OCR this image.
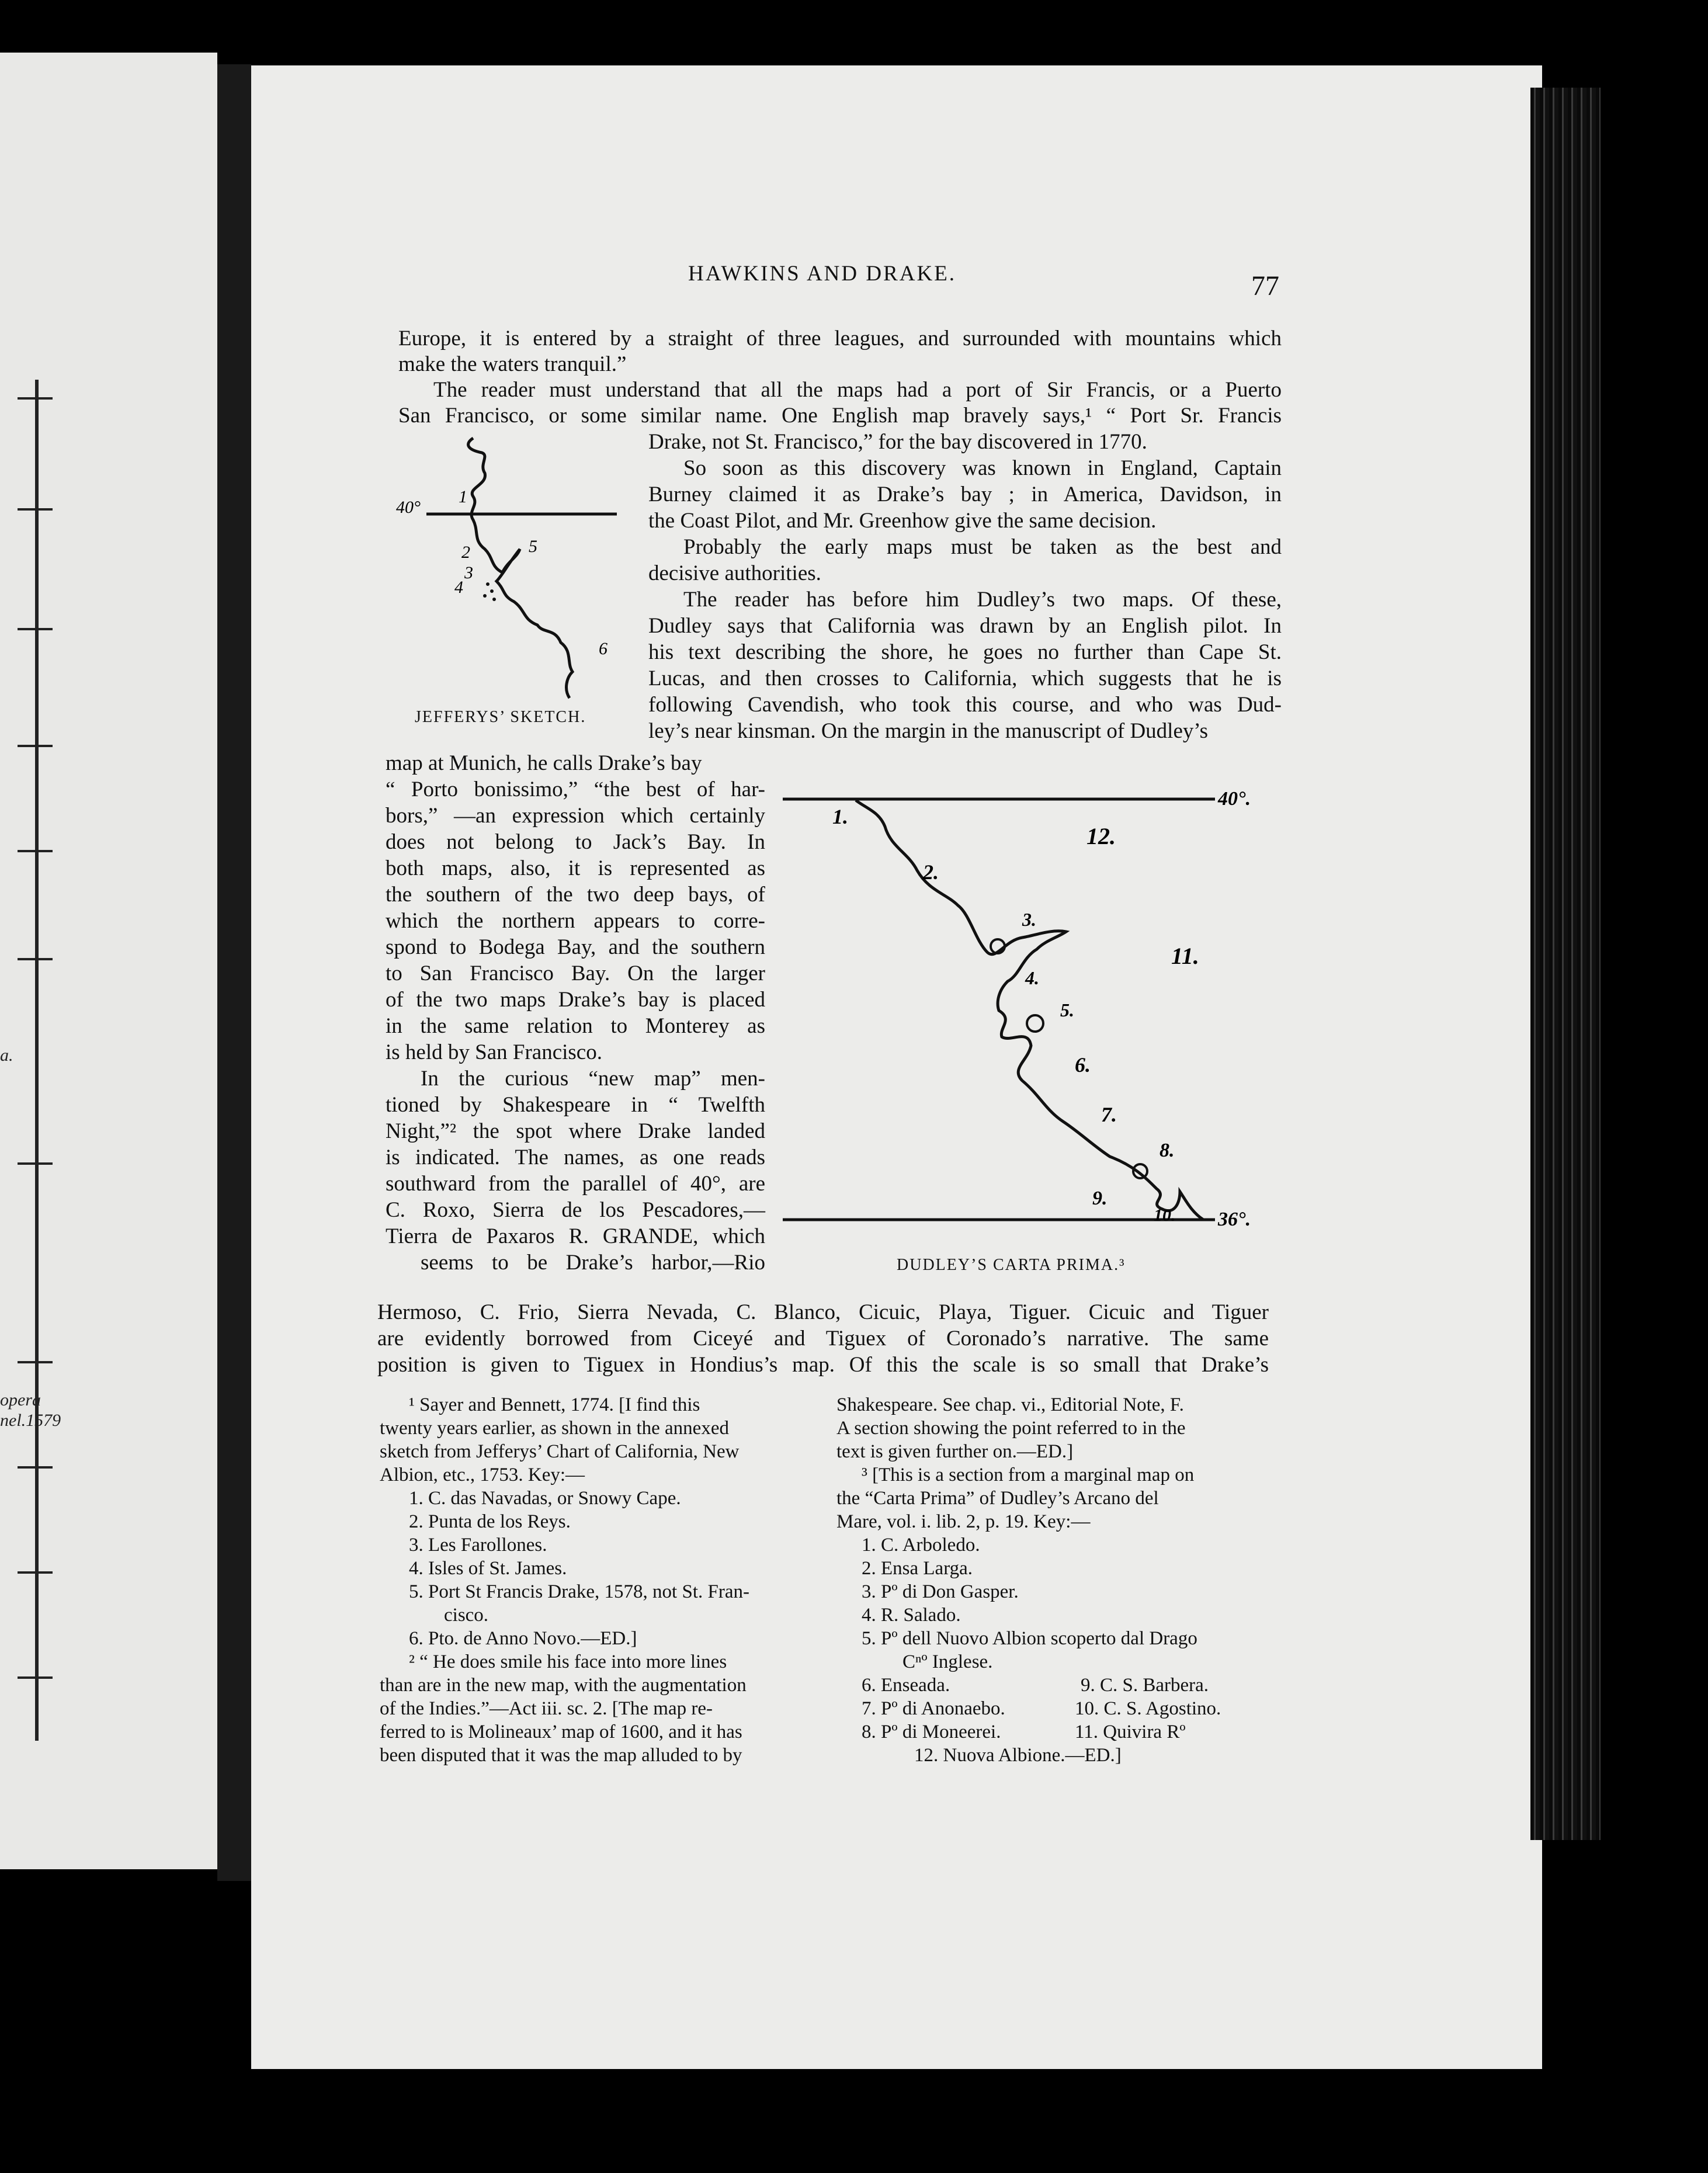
a.
opera
nel.1579
HAWKINS AND DRAKE.	77
Europe, it is entered by a straight of three leagues, and surrounded with mountains which
make the waters tranquil.”
The reader must understand that all the maps had a port of Sir Francis, or a Puerto
San Francisco, or some similar name. One English map bravely says,¹ “ Port Sr. Francis
Drake, not St. Francisco,” for the bay discovered in 1770.
So soon as this discovery was known in England, Captain
Burney claimed it as Drake’s bay ; in America, Davidson, in
the Coast Pilot, and Mr. Greenhow give the same decision.
Probably the early maps must be taken as the best and
decisive authorities.
The reader has before him Dudley’s two maps. Of these,
Dudley says that California was drawn by an English pilot. In
his text describing the shore, he goes no further than Cape St.
Lucas, and then crosses to California, which suggests that he is
following Cavendish, who took this course, and who was Dud-
ley’s near kinsman. On the margin in the manuscript of Dudley’s
40°
1
2
3
4
5
6
JEFFERYS’ SKETCH.
map at Munich, he calls Drake’s bay
“ Porto bonissimo,” “the best of har-
bors,” —an expression which certainly
does not belong to Jack’s Bay. In
both maps, also, it is represented as
the southern of the two deep bays, of
which the northern appears to corre-
spond to Bodega Bay, and the southern
to San Francisco Bay. On the larger
of the two maps Drake’s bay is placed
in the same relation to Monterey as
is held by San Francisco.
In the curious “new map” men-
tioned by Shakespeare in “ Twelfth
Night,”² the spot where Drake landed
is indicated. The names, as one reads
southward from the parallel of 40°, are
C. Roxo, Sierra de los Pescadores,—
Tierra de Paxaros R. GRANDE, which
seems to be Drake’s harbor,—Rio
40°.
36°.
1.
2.
3.
4.
5.
6.
7.
8.
9.
10.
11.
12.
DUDLEY’S CARTA PRIMA.³
Hermoso, C. Frio, Sierra Nevada, C. Blanco, Cicuic, Playa, Tiguer. Cicuic and Tiguer
are evidently borrowed from Ciceyé and Tiguex of Coronado’s narrative. The same
position is given to Tiguex in Hondius’s map. Of this the scale is so small that Drake’s
¹ Sayer and Bennett, 1774. [I find this
twenty years earlier, as shown in the annexed
sketch from Jefferys’ Chart of California, New
Albion, etc., 1753. Key:—
1. C. das Navadas, or Snowy Cape.
2. Punta de los Reys.
3. Les Farollones.
4. Isles of St. James.
5. Port St Francis Drake, 1578, not St. Fran-
cisco.
6. Pto. de Anno Novo.—ED.]
² “ He does smile his face into more lines
than are in the new map, with the augmentation
of the Indies.”—Act iii. sc. 2. [The map re-
ferred to is Molineaux’ map of 1600, and it has
been disputed that it was the map alluded to by
Shakespeare. See chap. vi., Editorial Note, F.
A section showing the point referred to in the
text is given further on.—ED.]
³ [This is a section from a marginal map on
the “Carta Prima” of Dudley’s Arcano del
Mare, vol. i. lib. 2, p. 19. Key:—
1. C. Arboledo.
2. Ensa Larga.
3. Pº di Don Gasper.
4. R. Salado.
5. Pº dell Nuovo Albion scoperto dal Drago
Cⁿº Inglese.
6. Enseada.	9. C. S. Barbera.
7. Pº di Anonaebo.	10. C. S. Agostino.
8. Pº di Moneerei.	11. Quivira Rº
12. Nuova Albione.—ED.]
